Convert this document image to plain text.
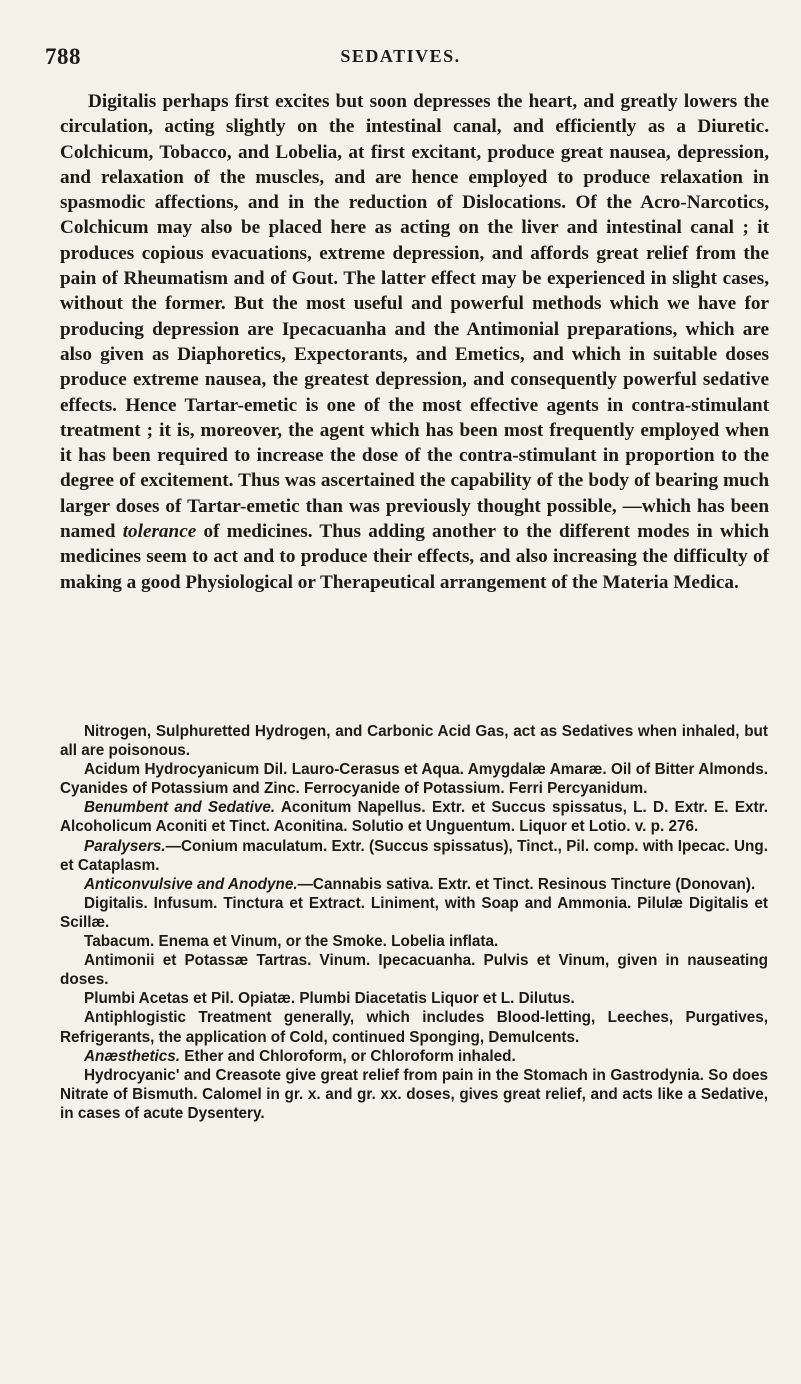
788	SEDATIVES.

Digitalis perhaps first excites but soon depresses the heart, and greatly lowers the circulation, acting slightly on the intestinal canal, and efficiently as a Diuretic. Colchicum, Tobacco, and Lobelia, at first excitant, produce great nausea, depression, and relaxation of the muscles, and are hence employed to produce relaxation in spasmodic affections, and in the reduction of Dislocations. Of the Acro-Narcotics, Colchicum may also be placed here as acting on the liver and intestinal canal ; it produces copious evacuations, extreme depression, and affords great relief from the pain of Rheumatism and of Gout. The latter effect may be experienced in slight cases, without the former. But the most useful and powerful methods which we have for producing depression are Ipecacuanha and the Antimonial preparations, which are also given as Diaphoretics, Expectorants, and Emetics, and which in suitable doses produce extreme nausea, the greatest depression, and consequently powerful sedative effects. Hence Tartar-emetic is one of the most effective agents in contra-stimulant treatment ; it is, moreover, the agent which has been most frequently employed when it has been required to increase the dose of the contra-stimulant in proportion to the degree of excitement. Thus was ascertained the capability of the body of bearing much larger doses of Tartar-emetic than was previously thought possible, —which has been named tolerance of medicines. Thus adding another to the different modes in which medicines seem to act and to produce their effects, and also increasing the difficulty of making a good Physiological or Therapeutical arrangement of the Materia Medica.

Nitrogen, Sulphuretted Hydrogen, and Carbonic Acid Gas, act as Sedatives when inhaled, but all are poisonous.

Acidum Hydrocyanicum Dil. Lauro-Cerasus et Aqua. Amygdalæ Amaræ. Oil of Bitter Almonds. Cyanides of Potassium and Zinc. Ferrocyanide of Potassium. Ferri Percyanidum.

Benumbent and Sedative. Aconitum Napellus. Extr. et Succus spissatus, L. D. Extr. E. Extr. Alcoholicum Aconiti et Tinct. Aconitina. Solutio et Unguentum. Liquor et Lotio. v. p. 276.

Paralysers.—Conium maculatum. Extr. (Succus spissatus), Tinct., Pil. comp. with Ipecac. Ung. et Cataplasm.

Anticonvulsive and Anodyne.—Cannabis sativa. Extr. et Tinct. Resinous Tincture (Donovan).

Digitalis. Infusum. Tinctura et Extract. Liniment, with Soap and Ammonia. Pilulæ Digitalis et Scillæ.

Tabacum. Enema et Vinum, or the Smoke. Lobelia inflata.

Antimonii et Potassæ Tartras. Vinum. Ipecacuanha. Pulvis et Vinum, given in nauseating doses.

Plumbi Acetas et Pil. Opiatæ. Plumbi Diacetatis Liquor et L. Dilutus.

Antiphlogistic Treatment generally, which includes Blood-letting, Leeches, Purgatives, Refrigerants, the application of Cold, continued Sponging, Demulcents.

Anæsthetics. Ether and Chloroform, or Chloroform inhaled.

Hydrocyanic' and Creasote give great relief from pain in the Stomach in Gastrodynia. So does Nitrate of Bismuth. Calomel in gr. x. and gr. xx. doses, gives great relief, and acts like a Sedative, in cases of acute Dysentery.
